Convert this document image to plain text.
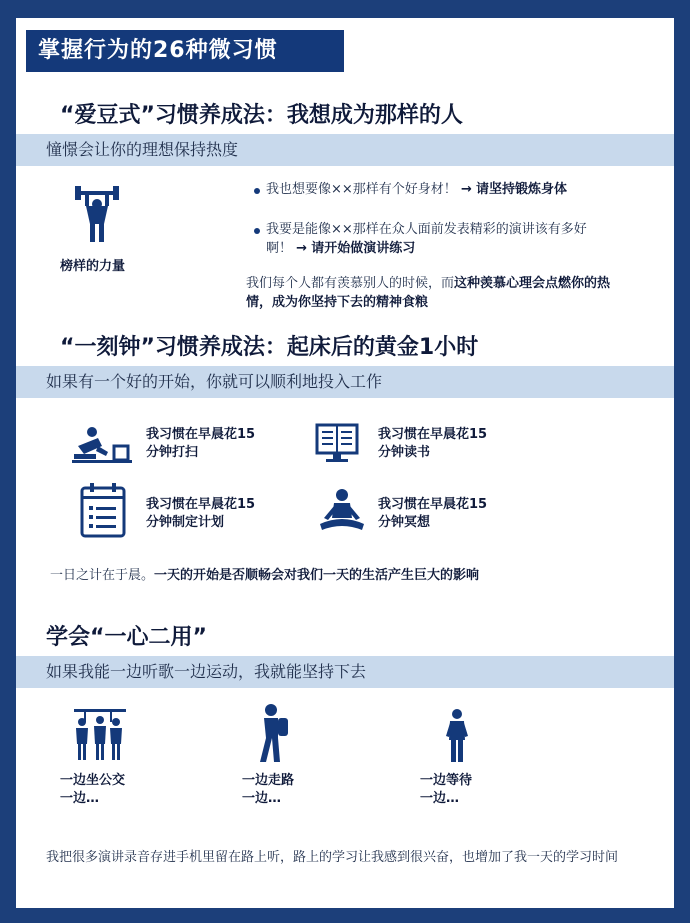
掌握行为的26种微习惯
“爱豆式”习惯养成法：我想成为那样的人
憧憬会让你的理想保持热度
榜样的力量
我也想要像××那样有个好身材！ → 请坚持锻炼身体
我要是能像××那样在众人面前发表精彩的演讲该有多好啊！ → 请开始做演讲练习
我们每个人都有羡慕别人的时候，而这种羡慕心理会点燃你的热情，成为你坚持下去的精神食粮
“一刻钟”习惯养成法：起床后的黄金1小时
如果有一个好的开始，你就可以顺利地投入工作
我习惯在早晨花15分钟打扫
我习惯在早晨花15分钟读书
我习惯在早晨花15分钟制定计划
我习惯在早晨花15分钟冥想
一日之计在于晨。一天的开始是否顺畅会对我们一天的生活产生巨大的影响
学会“一心二用”
如果我能一边听歌一边运动，我就能坚持下去
一边坐公交
一边…
一边走路
一边…
一边等待
一边…
我把很多演讲录音存进手机里留在路上听，路上的学习让我感到很兴奋，也增加了我一天的学习时间
